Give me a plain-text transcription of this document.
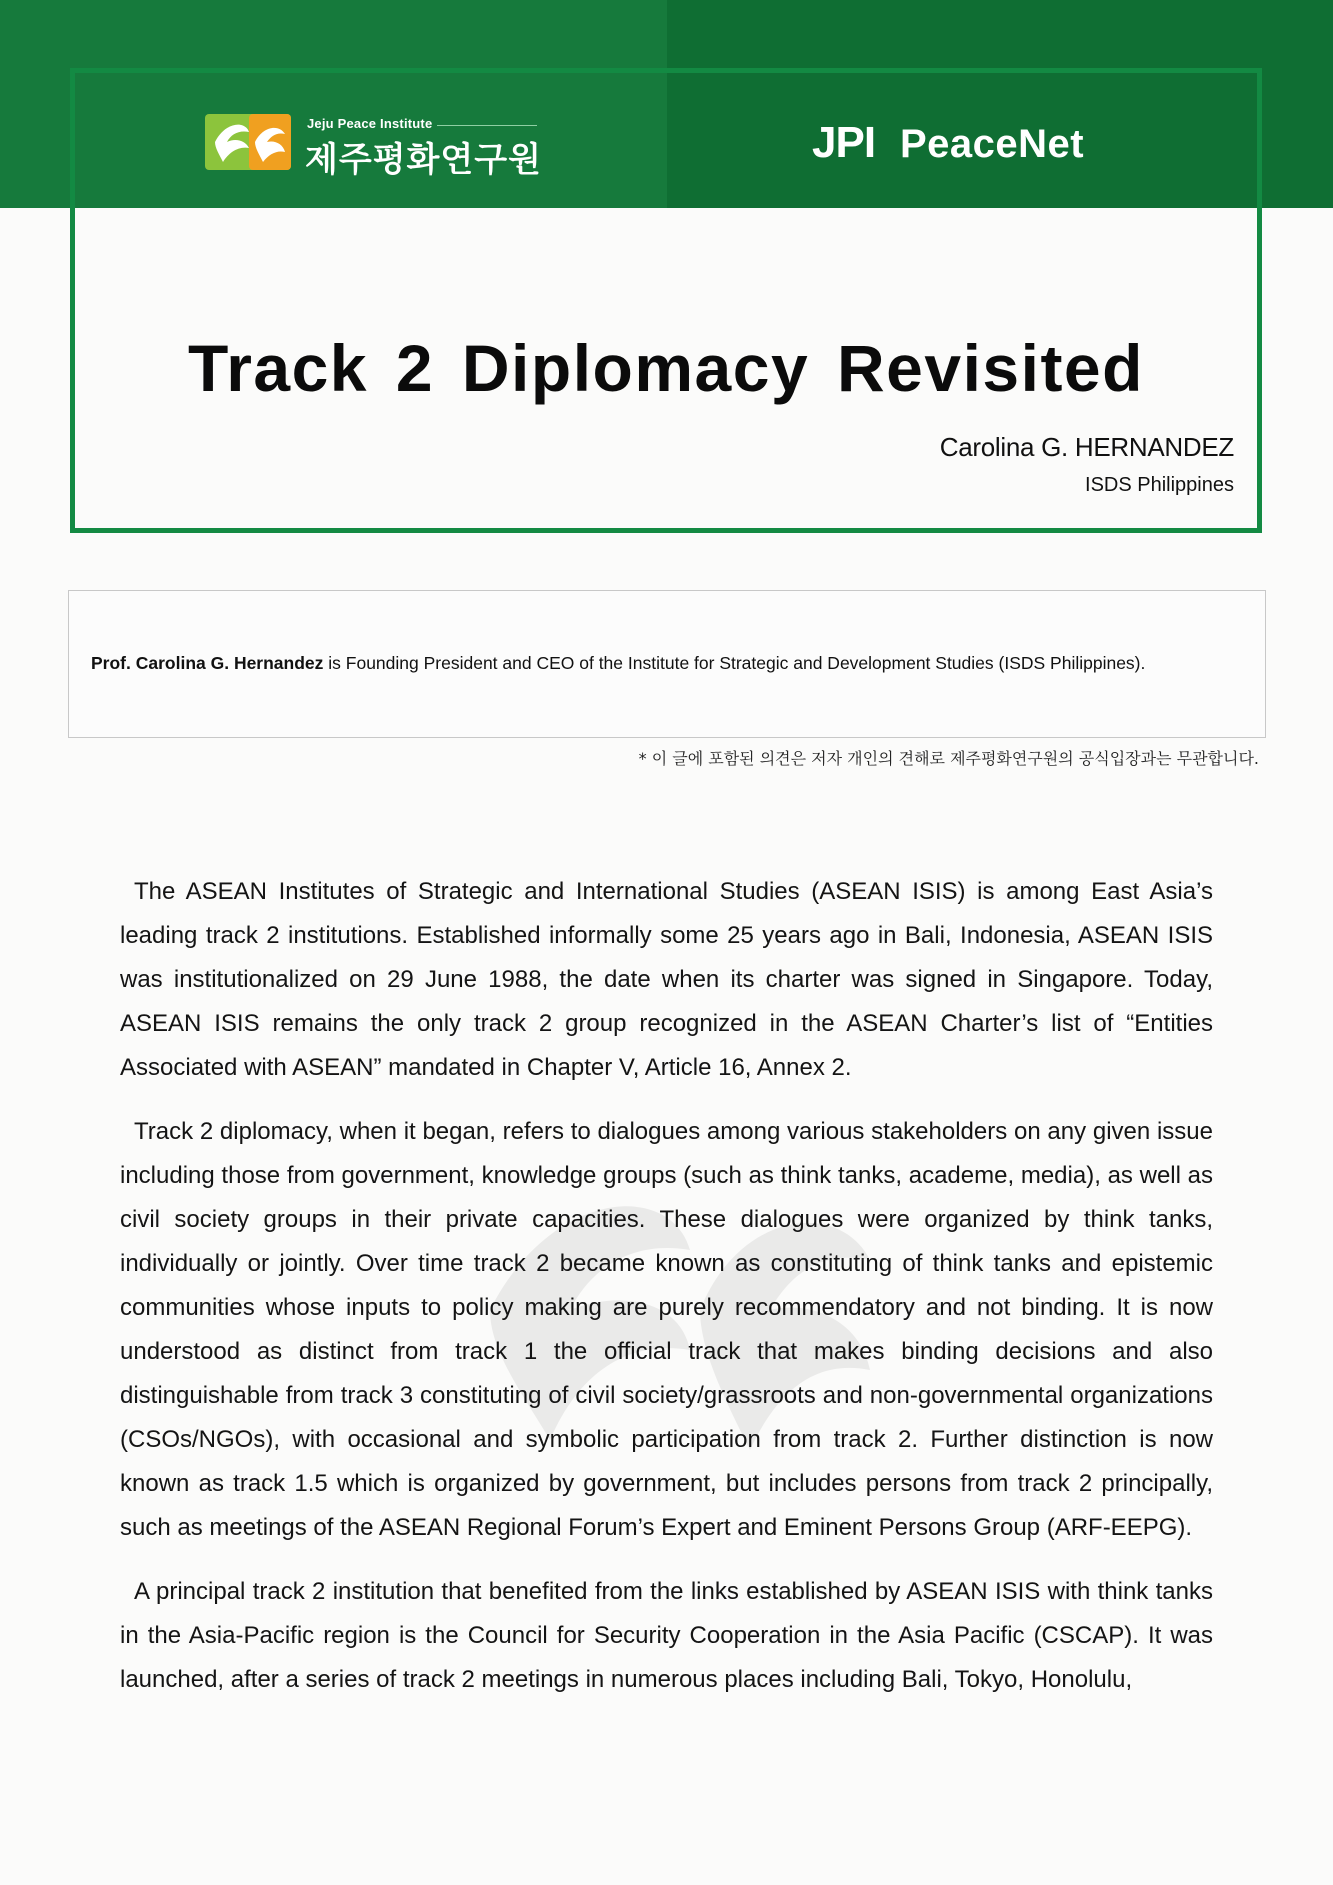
Jeju Peace Institute
제주평화연구원	JPI PeaceNet
Track 2 Diplomacy Revisited
Carolina G. HERNANDEZ
ISDS Philippines
Prof. Carolina G. Hernandez is Founding President and CEO of the Institute for Strategic and Development Studies (ISDS Philippines).
* 이 글에 포함된 의견은 저자 개인의 견해로 제주평화연구원의 공식입장과는 무관합니다.

The ASEAN Institutes of Strategic and International Studies (ASEAN ISIS) is among East Asia’s leading track 2 institutions. Established informally some 25 years ago in Bali, Indonesia, ASEAN ISIS was institutionalized on 29 June 1988, the date when its charter was signed in Singapore. Today, ASEAN ISIS remains the only track 2 group recognized in the ASEAN Charter’s list of “Entities Associated with ASEAN” mandated in Chapter V, Article 16, Annex 2.

Track 2 diplomacy, when it began, refers to dialogues among various stakeholders on any given issue including those from government, knowledge groups (such as think tanks, academe, media), as well as civil society groups in their private capacities. These dialogues were organized by think tanks, individually or jointly. Over time track 2 became known as constituting of think tanks and epistemic communities whose inputs to policy making are purely recommendatory and not binding. It is now understood as distinct from track 1 the official track that makes binding decisions and also distinguishable from track 3 constituting of civil society/grassroots and non-governmental organizations (CSOs/NGOs), with occasional and symbolic participation from track 2. Further distinction is now known as track 1.5 which is organized by government, but includes persons from track 2 principally, such as meetings of the ASEAN Regional Forum’s Expert and Eminent Persons Group (ARF-EEPG).

A principal track 2 institution that benefited from the links established by ASEAN ISIS with think tanks in the Asia-Pacific region is the Council for Security Cooperation in the Asia Pacific (CSCAP). It was launched, after a series of track 2 meetings in numerous places including Bali, Tokyo, Honolulu,
